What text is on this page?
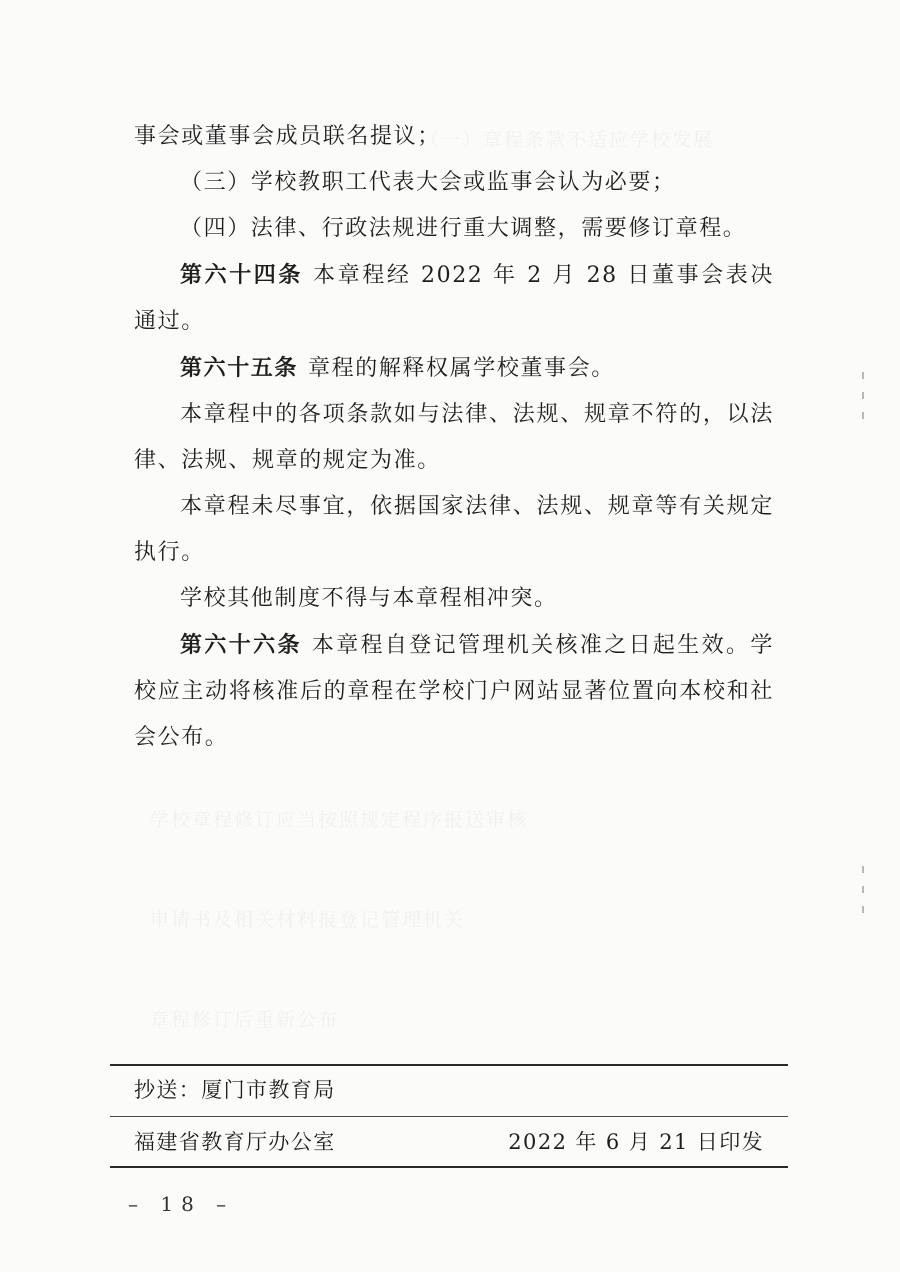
事会或董事会成员联名提议；

（三）学校教职工代表大会或监事会认为必要；

（四）法律、行政法规进行重大调整，需要修订章程。

第六十四条 本章程经 2022 年 2 月 28 日董事会表决通过。

第六十五条 章程的解释权属学校董事会。

本章程中的各项条款如与法律、法规、规章不符的，以法律、法规、规章的规定为准。

本章程未尽事宜，依据国家法律、法规、规章等有关规定执行。

学校其他制度不得与本章程相冲突。

第六十六条 本章程自登记管理机关核准之日起生效。学校应主动将核准后的章程在学校门户网站显著位置向本校和社会公布。

抄送：厦门市教育局
福建省教育厅办公室	2022 年 6 月 21 日印发
– 18 –
